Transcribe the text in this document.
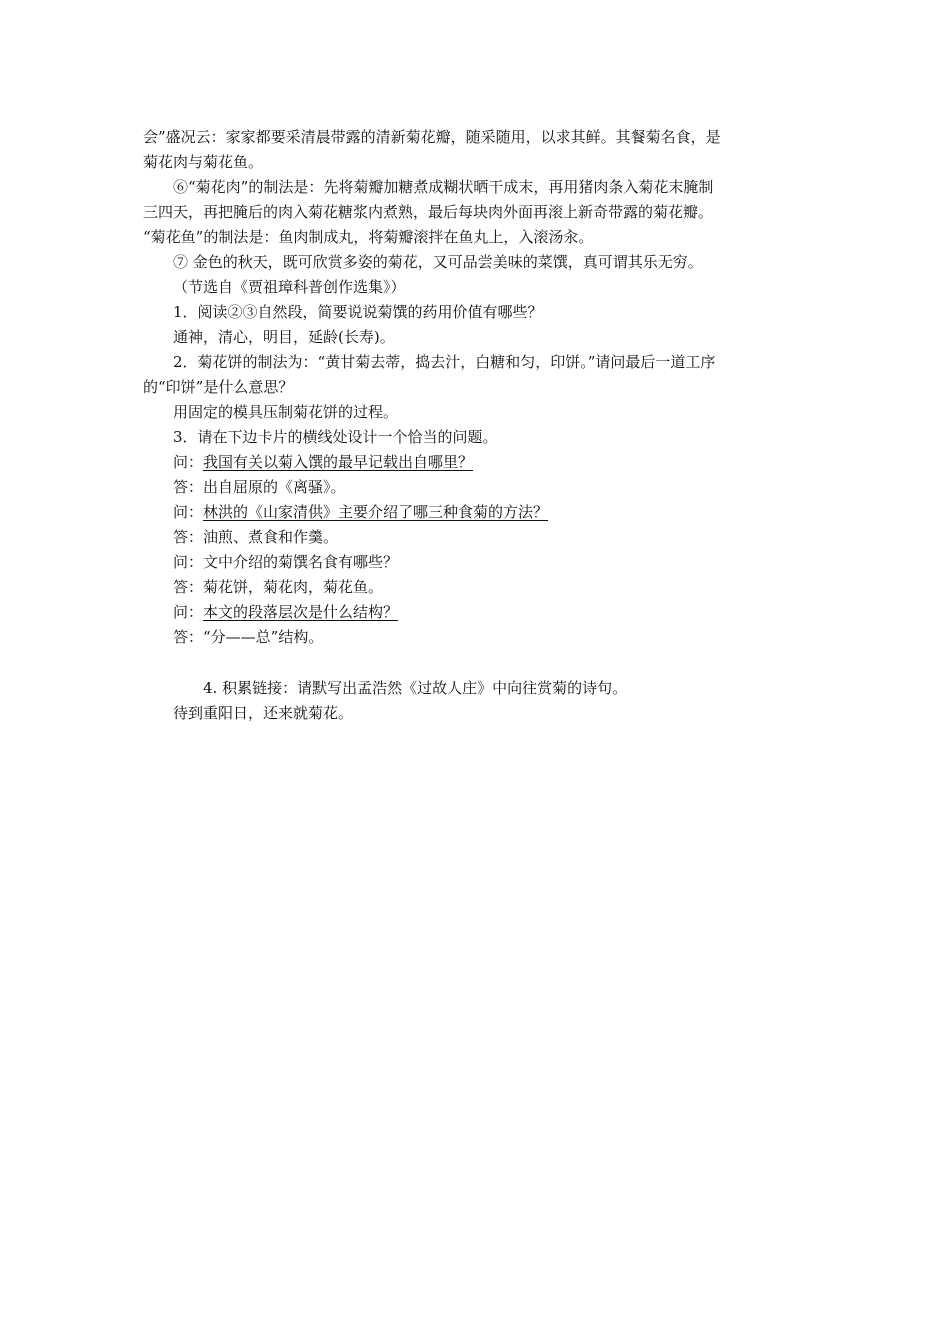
会”盛况云：家家都要采清晨带露的清新菊花瓣，随采随用，以求其鲜。其餐菊名食，是
菊花肉与菊花鱼。
⑥“菊花肉”的制法是：先将菊瓣加糖煮成糊状晒干成末，再用猪肉条入菊花末腌制
三四天，再把腌后的肉入菊花糖浆内煮熟，最后每块肉外面再滚上新奇带露的菊花瓣。
“菊花鱼”的制法是：鱼肉制成丸，将菊瓣滚拌在鱼丸上，入滚汤汆。
⑦ 金色的秋天，既可欣赏多姿的菊花，又可品尝美味的菜馔，真可谓其乐无穷。
（节选自《贾祖璋科普创作选集》）
1．阅读②③自然段，简要说说菊馔的药用价值有哪些？
通神，清心，明目，延龄(长寿)。
2．菊花饼的制法为：“黄甘菊去蒂，捣去汁，白糖和匀，印饼。”请问最后一道工序
的“印饼”是什么意思？
用固定的模具压制菊花饼的过程。
3．请在下边卡片的横线处设计一个恰当的问题。
问：我国有关以菊入馔的最早记载出自哪里？
答：出自屈原的《离骚》。
问：林洪的《山家清供》主要介绍了哪三种食菊的方法？
答：油煎、煮食和作羹。
问：文中介绍的菊馔名食有哪些？
答：菊花饼，菊花肉，菊花鱼。
问：本文的段落层次是什么结构？
答：“分——总”结构。
4. 积累链接：请默写出孟浩然《过故人庄》中向往赏菊的诗句。
待到重阳日，还来就菊花。
